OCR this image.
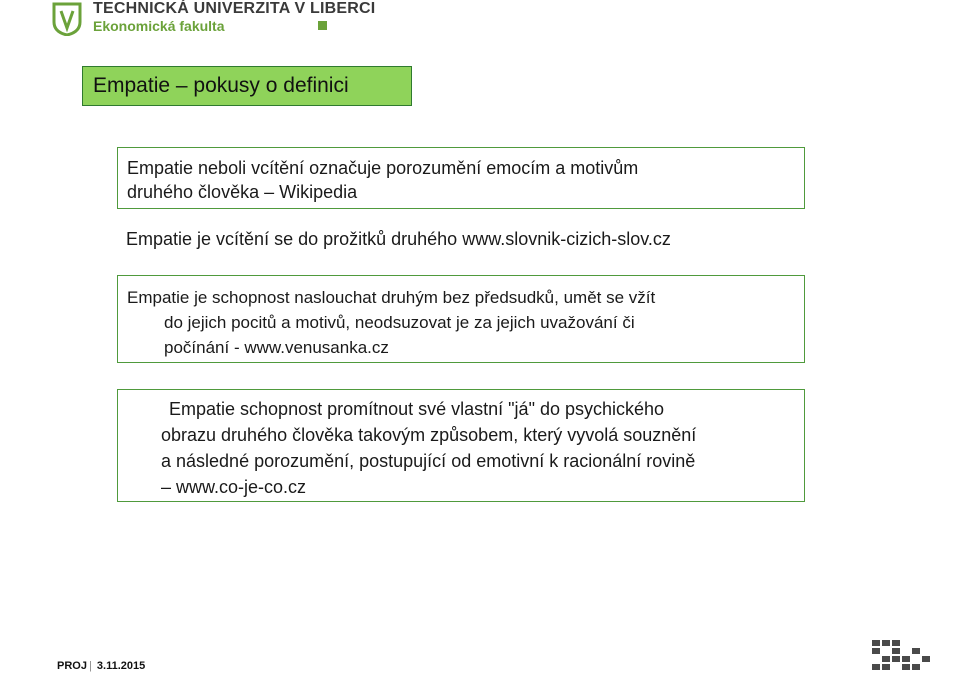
TECHNICKÁ UNIVERZITA V LIBERCI
Ekonomická fakulta
Empatie – pokusy o definici
Empatie neboli vcítění označuje porozumění emocím a motivům
druhého člověka – Wikipedia
Empatie je vcítění se do prožitků druhého www.slovnik-cizich-slov.cz
Empatie je schopnost naslouchat druhým bez předsudků, umět se vžít
do jejich pocitů a motivů, neodsuzovat je za jejich uvažování či
počínání - www.venusanka.cz
Empatie schopnost promítnout své vlastní "já" do psychického
obrazu druhého člověka takovým způsobem, který vyvolá souznění
a následné porozumění, postupující od emotivní k racionální rovině
– www.co-je-co.cz
PROJ | 3.11.2015
